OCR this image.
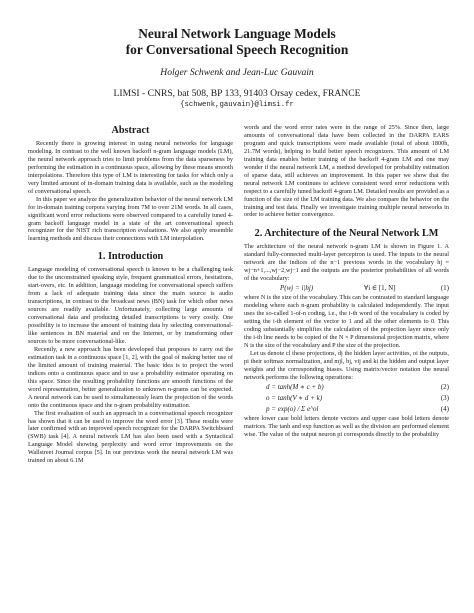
Neural Network Language Models
for Conversational Speech Recognition
Holger Schwenk and Jean-Luc Gauvain
LIMSI - CNRS, bat 508, BP 133, 91403 Orsay cedex, FRANCE
{schwenk,gauvain}@limsi.fr
Abstract

Recently there is growing interest in using neural networks for language modeling. In contrast to the well known backoff n-gram language models (LM), the neural network approach tries to limit problems from the data sparseness by performing the estimation in a continuous space, allowing by these means smooth interpolations. Therefore this type of LM is interesting for tasks for which only a very limited amount of in-domain training data is available, such as the modeling of conversational speech.

In this paper we analyze the generalization behavior of the neural network LM for in-domain training corpora varying from 7M to over 21M words. In all cases, significant word error reductions were observed compared to a carefully tuned 4-gram backoff language model in a state of the art conversational speech recognizer for the NIST rich transcription evaluations. We also apply ensemble learning methods and discuss their connections with LM interpolation.

1. Introduction

Language modeling of conversational speech is known to be a challenging task due to the unconstrained speaking style, frequent grammatical errors, hesitations, start-overs, etc. In addition, language modeling for conversational speech suffers from a lack of adequate training data since the main source is audio transcriptions, in contrast to the broadcast news (BN) task for which other news sources are readily available. Unfortunately, collecting large amounts of conversational data and producing detailed transcriptions is very costly. One possibility is to increase the amount of training data by selecting conversational-like sentences in BN material and on the Internet, or by transforming other sources to be more conversational-like.

Recently, a new approach has been developed that proposes to carry out the estimation task in a continuous space [1, 2], with the goal of making better use of the limited amount of training material. The basic idea is to project the word indices onto a continuous space and to use a probability estimator operating on this space. Since the resulting probability functions are smooth functions of the word representation, better generalization to unknown n-grams can be expected. A neural network can be used to simultaneously learn the projection of the words onto the continuous space and the n-gram probability estimation.

The first evaluation of such an approach in a conversational speech recognizer has shown that it can be used to improve the word error [3]. These results were later confirmed with an improved speech recognizer for the DARPA Switchboard (SWB) task [4]. A neural network LM has also been used with a Syntactical Language Model showing perplexity and word error improvements on the Wallstreet Journal corpus [5]. In our previous work the neural network LM was trained on about 6.1M

words and the word error rates were in the range of 25%. Since then, large amounts of conversational data have been collected in the DARPA EARS program and quick transcriptions were made available (total of about 1800h, 21.7M words), helping to build better speech recognizers. This amount of LM training data enables better training of the backoff 4-gram LM and one may wonder if the neural network LM, a method developed for probability estimation of sparse data, still achieves an improvement. In this paper we show that the neural network LM continues to achieve consistent word error reductions with respect to a carefully tuned backoff 4-gram LM. Detailed results are provided as a function of the size of the LM training data. We also compare the behavior on the training and test data. Finally we investigate training multiple neural networks in order to achieve better convergence.

2. Architecture of the Neural Network LM

The architecture of the neural network n-gram LM is shown in Figure 1. A standard fully-connected multi-layer perceptron is used. The inputs to the neural network are the indices of the n−1 previous words in the vocabulary hj = wj−n+1,...,wj−2,wj−1 and the outputs are the posterior probabilities of all words of the vocabulary:

P(wj = i|hj)	∀i ∈ [1, N]	(1)

where N is the size of the vocabulary. This can be contrasted to standard language modeling where each n-gram probability is calculated independently. The input uses the so-called 1-of-n coding, i.e., the i-th word of the vocabulary is coded by setting the i-th element of the vector to 1 and all the other elements to 0. This coding substantially simplifies the calculation of the projection layer since only the i-th line needs to be copied of the N × P dimensional projection matrix, where N is the size of the vocabulary and P the size of the projection.

Let us denote cl these projections, dj the hidden layer activities, oi the outputs, pi their softmax normalization, and mjl, bj, vij and ki the hidden and output layer weights and the corresponding biases. Using matrix/vector notation the neural network performs the following operations:

d = tanh(M ∗ c + b)	(2)
o = tanh(V ∗ d + k)	(3)
p = exp(o) / Σ e^ol	(4)

where lower case bold letters denote vectors and upper case bold letters denote matrices. The tanh and exp function as well as the division are performed element wise. The value of the output neuron pi corresponds directly to the probability
